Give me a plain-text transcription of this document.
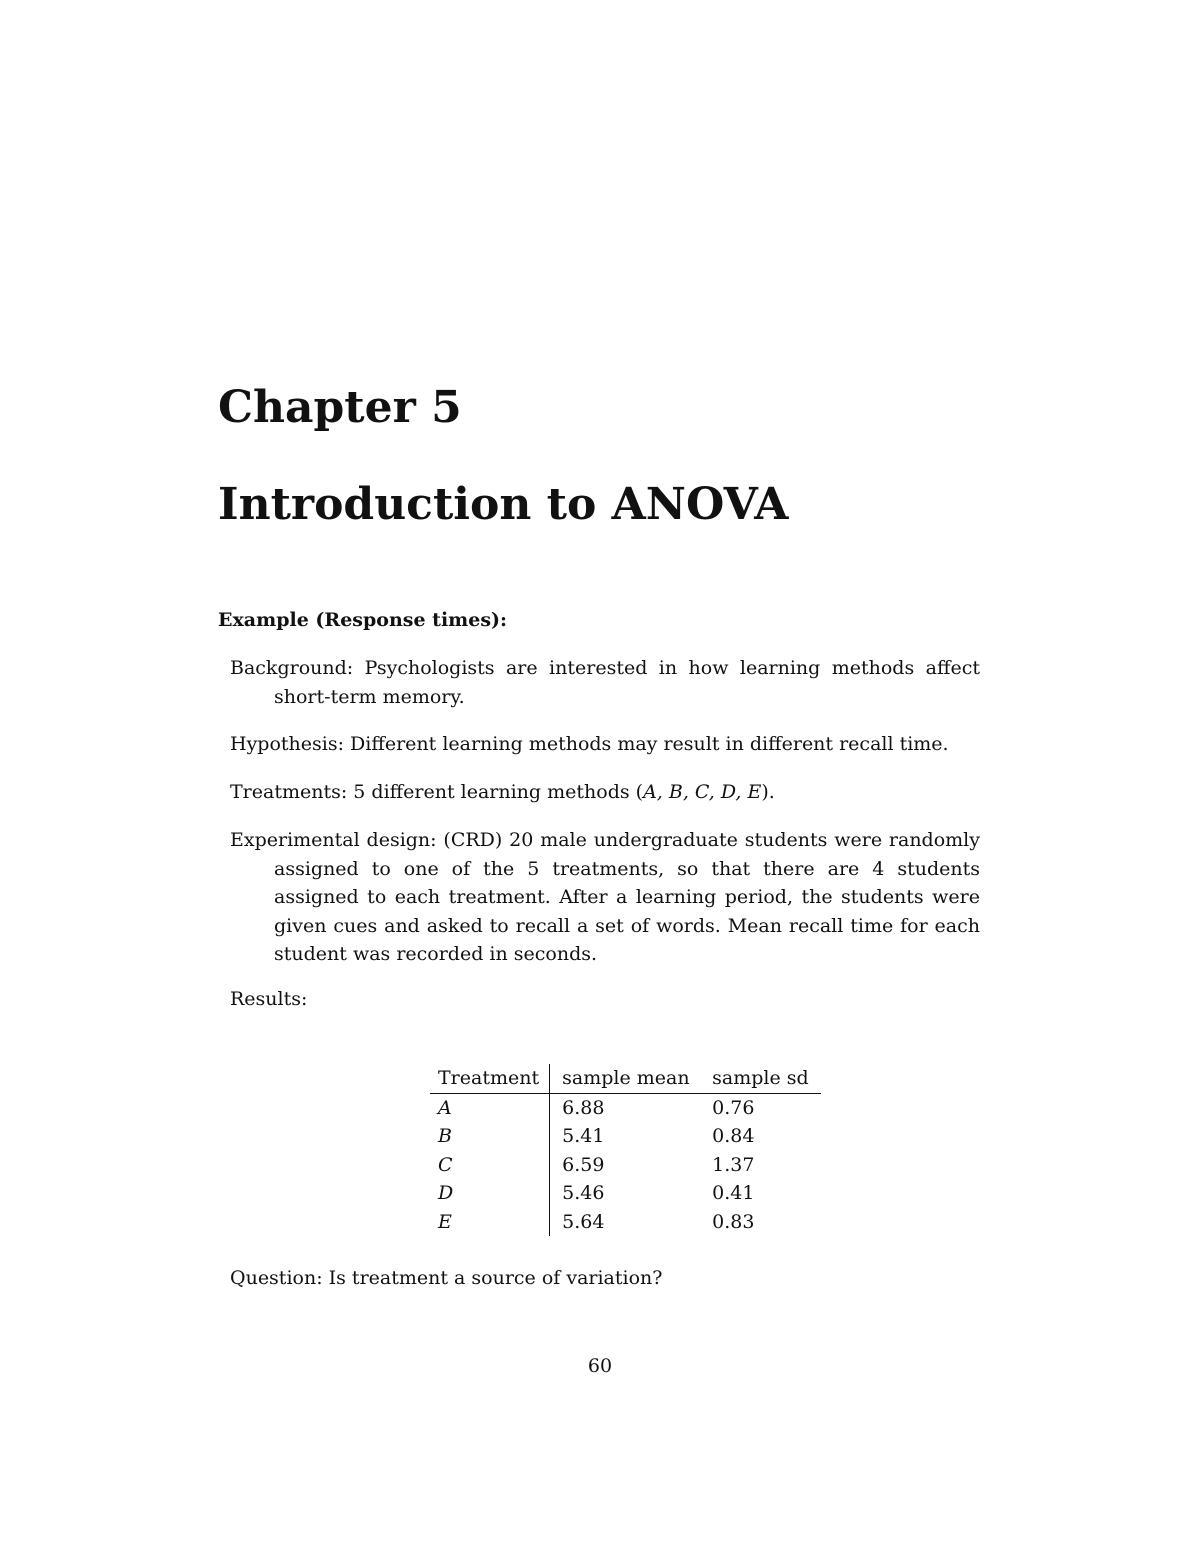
Chapter 5
Introduction to ANOVA
Example (Response times):
Background: Psychologists are interested in how learning methods affect short-term memory.
Hypothesis: Different learning methods may result in different recall time.
Treatments: 5 different learning methods (A, B, C, D, E).
Experimental design: (CRD) 20 male undergraduate students were randomly assigned to one of the 5 treatments, so that there are 4 students assigned to each treatment. After a learning period, the students were given cues and asked to recall a set of words. Mean recall time for each student was recorded in seconds.
Results:
Treatment	sample mean	sample sd
A	6.88	0.76
B	5.41	0.84
C	6.59	1.37
D	5.46	0.41
E	5.64	0.83
Question: Is treatment a source of variation?
60
